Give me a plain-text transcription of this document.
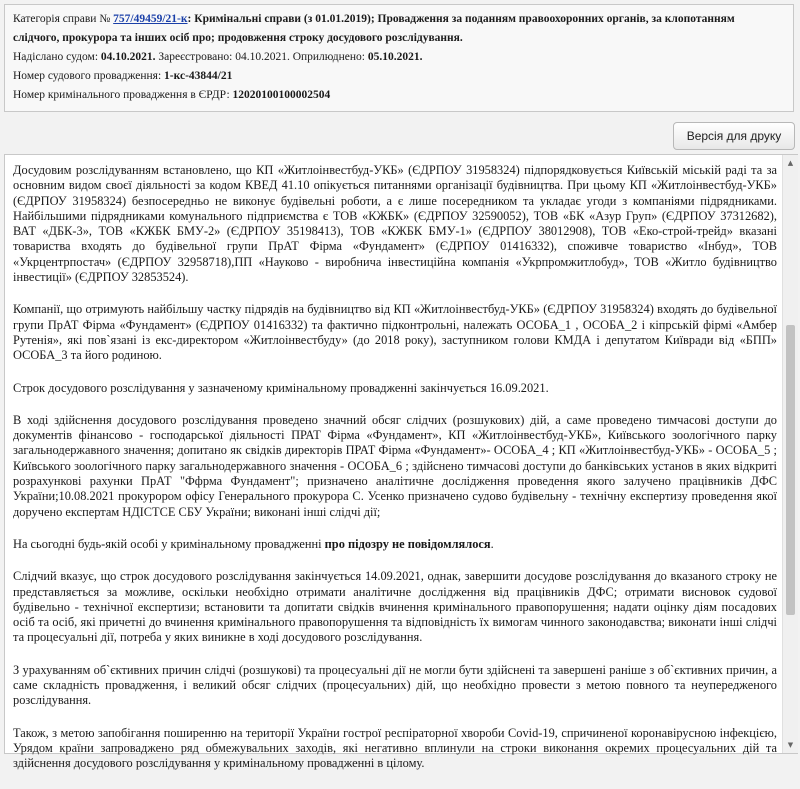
Категорія справи № 757/49459/21-к: Кримінальні справи (з 01.01.2019); Провадження за поданням правоохоронних органів, за клопотанням
слідчого, прокурора та інших осіб про; продовження строку досудового розслідування.
Надіслано судом: 04.10.2021. Зареєстровано: 04.10.2021. Оприлюднено: 05.10.2021.
Номер судового провадження: 1-кс-43844/21
Номер кримінального провадження в ЄРДР: 12020100100002504
Версія для друку

Досудовим розслідуванням встановлено, що КП «Житлоінвестбуд-УКБ» (ЄДРПОУ 31958324) підпорядковується Київській міській раді та за основним видом своєї діяльності за кодом КВЕД 41.10 опікується питаннями організації будівництва. При цьому КП «Житлоінвестбуд-УКБ» (ЄДРПОУ 31958324) безпосередньо не виконує будівельні роботи, а є лише посередником та укладає угоди з компаніями підрядниками. Найбільшими підрядниками комунального підприємства є ТОВ «КЖБК» (ЄДРПОУ 32590052), ТОВ «БК «Азур Груп» (ЄДРПОУ 37312682), ВАТ «ДБК-3», ТОВ «КЖБК БМУ-2» (ЄДРПОУ 35198413), ТОВ «КЖБК БМУ-1» (ЄДРПОУ 38012908), ТОВ «Еко-строй-трейд» вказані товариства входять до будівельної групи ПрАТ Фірма «Фундамент» (ЄДРПОУ 01416332), споживче товариство «Інбуд», ТОВ «Укрцентрпостач» (ЄДРПОУ 32958718),ПП «Науково - виробнича інвестиційна компанія «Укрпромжитлобуд», ТОВ «Житло будівництво інвестиції» (ЄДРПОУ 32853524).

Компанії, що отримують найбільшу частку підрядів на будівництво від КП «Житлоінвестбуд-УКБ» (ЄДРПОУ 31958324) входять до будівельної групи ПрАТ Фірма «Фундамент» (ЄДРПОУ 01416332) та фактично підконтрольні, належать ОСОБА_1 , ОСОБА_2 і кіпрській фірмі «Амбер Рутенія», які пов`язані із екс-директором «Житлоінвестбуду» (до 2018 року), заступником голови КМДА і депутатом Київради від «БПП» ОСОБА_3 та його родиною.

Строк досудового розслідування у зазначеному кримінальному провадженні закінчується 16.09.2021.

В ході здійснення досудового розслідування проведено значний обсяг слідчих (розшукових) дій, а саме проведено тимчасові доступи до документів фінансово - господарської діяльності ПРАТ Фірма «Фундамент», КП «Житлоінвестбуд-УКБ», Київського зоологічного парку загальнодержавного значення; допитано як свідків директорів ПРАТ Фірма «Фундамент»- ОСОБА_4 ; КП «Житлоінвестбуд-УКБ» - ОСОБА_5 ; Київського зоологічного парку загальнодержавного значення - ОСОБА_6 ; здійснено тимчасові доступи до банківських установ в яких відкриті розрахункові рахунки ПрАТ "Ффрма Фундамент"; призначено аналітичне дослідження проведення якого залучено працівників ДФС України;10.08.2021 прокурором офісу Генерального прокурора С. Усенко призначено судово будівельну - технічну експертизу проведення якої доручено експертам НДІСТСЕ СБУ України; виконані інші слідчі дії;

На сьогодні будь-якій особі у кримінальному провадженні про підозру не повідомлялося.

Слідчий вказує, що строк досудового розслідування закінчується 14.09.2021, однак, завершити досудове розслідування до вказаного строку не представляється за можливе, оскільки необхідно отримати аналітичне дослідження від працівників ДФС; отримати висновок судової будівельно - технічної експертизи; встановити та допитати свідків вчинення кримінального правопорушення; надати оцінку діям посадових осіб та осіб, які причетні до вчинення кримінального правопорушення та відповідність їх вимогам чинного законодавства; виконати інші слідчі та процесуальні дії, потреба у яких виникне в ході досудового розслідування.

З урахуванням об`єктивних причин слідчі (розшукові) та процесуальні дії не могли бути здійснені та завершені раніше з об`єктивних причин, а саме складність провадження, і великий обсяг слідчих (процесуальних) дій, що необхідно провести з метою повного та неупередженого розслідування.

Також, з метою запобігання поширенню на території України гострої респіраторної хвороби Covid-19, спричиненої коронавірусною інфекцією, Урядом країни запроваджено ряд обмежувальних заходів, які негативно вплинули на строки виконання окремих процесуальних дій та здійснення досудового розслідування у кримінальному провадженні в цілому.

▲
▼
